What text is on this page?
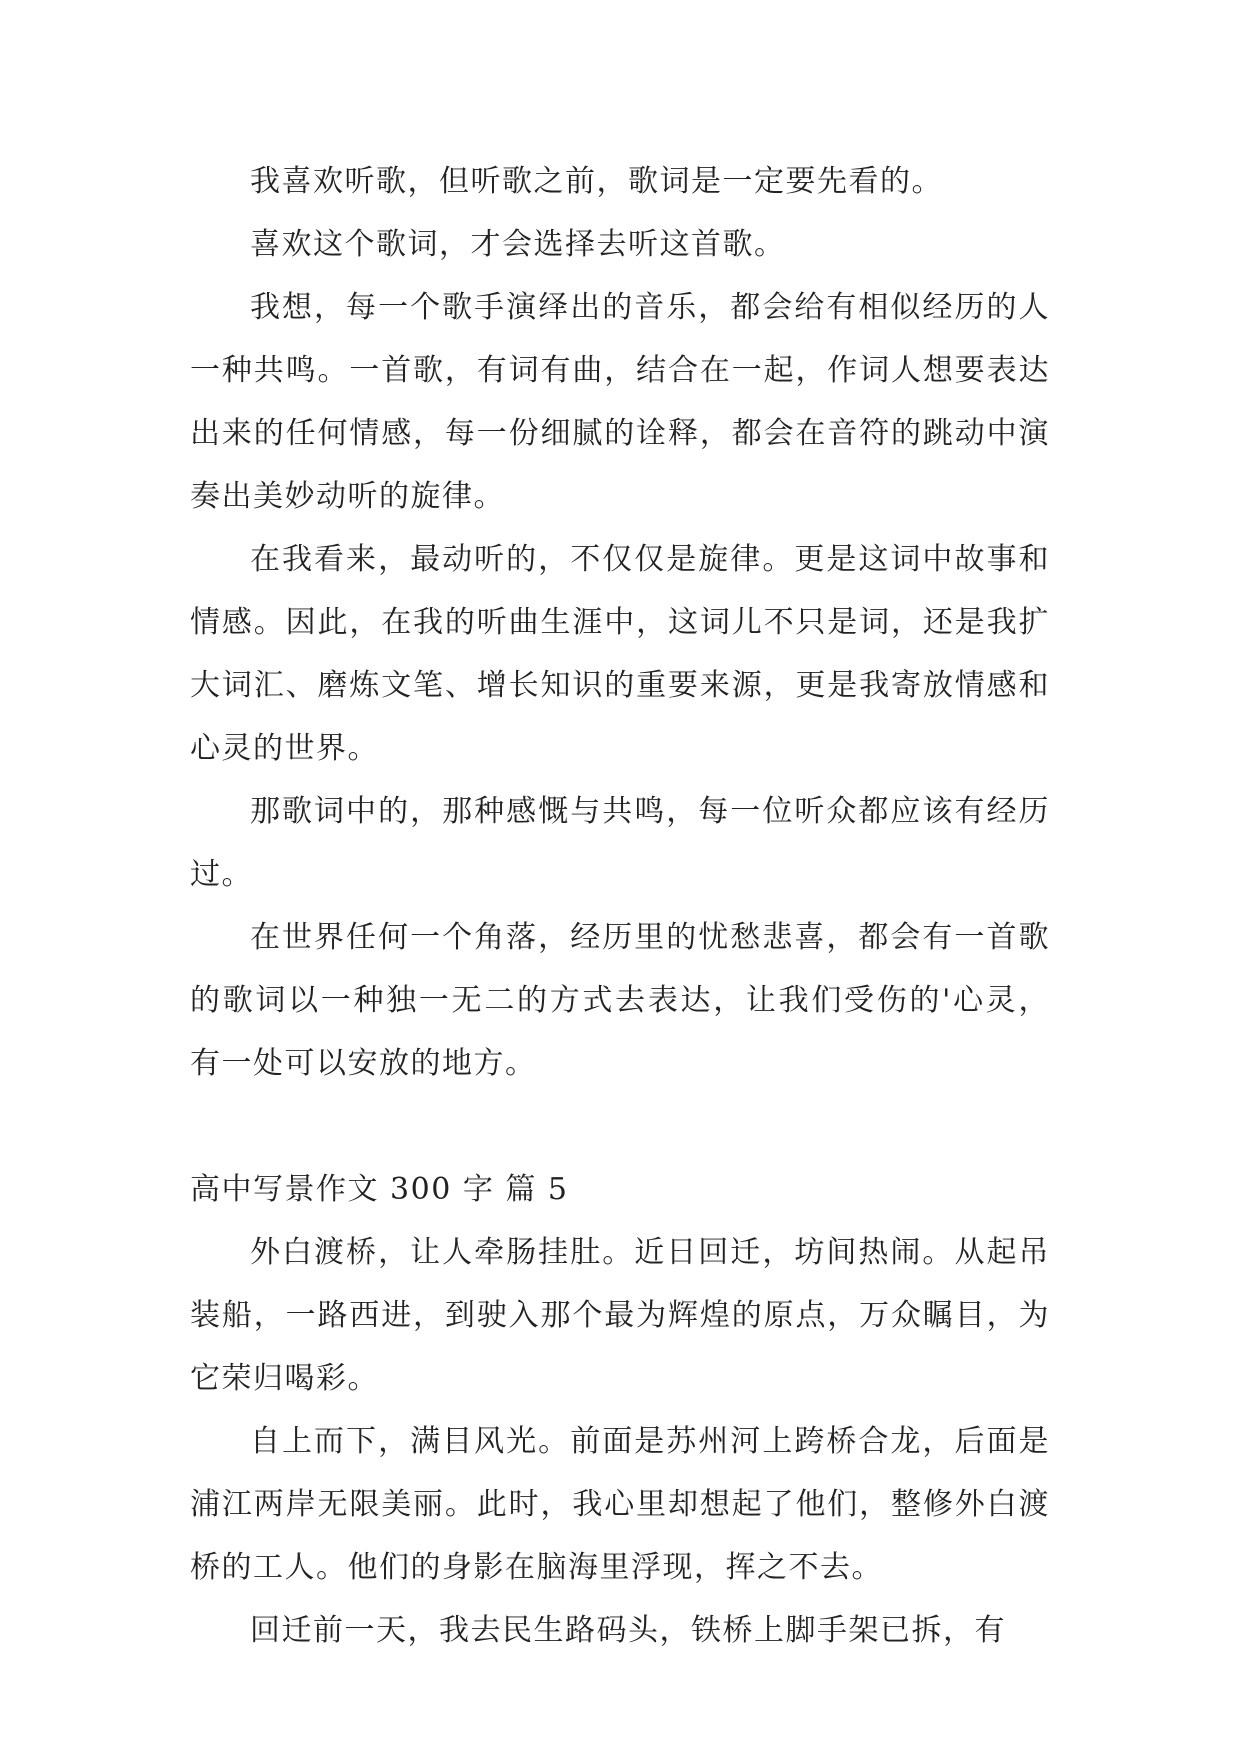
我喜欢听歌，但听歌之前，歌词是一定要先看的。

喜欢这个歌词，才会选择去听这首歌。

我想，每一个歌手演绎出的音乐，都会给有相似经历的人一种共鸣。一首歌，有词有曲，结合在一起，作词人想要表达出来的任何情感，每一份细腻的诠释，都会在音符的跳动中演奏出美妙动听的旋律。

在我看来，最动听的，不仅仅是旋律。更是这词中故事和情感。因此，在我的听曲生涯中，这词儿不只是词，还是我扩大词汇、磨炼文笔、增长知识的重要来源，更是我寄放情感和心灵的世界。

那歌词中的，那种感慨与共鸣，每一位听众都应该有经历过。

在世界任何一个角落，经历里的忧愁悲喜，都会有一首歌的歌词以一种独一无二的方式去表达，让我们受伤的'心灵，有一处可以安放的地方。

高中写景作文 300 字 篇 5

外白渡桥，让人牵肠挂肚。近日回迁，坊间热闹。从起吊装船，一路西进，到驶入那个最为辉煌的原点，万众瞩目，为它荣归喝彩。

自上而下，满目风光。前面是苏州河上跨桥合龙，后面是浦江两岸无限美丽。此时，我心里却想起了他们，整修外白渡桥的工人。他们的身影在脑海里浮现，挥之不去。

回迁前一天，我去民生路码头，铁桥上脚手架已拆，有
